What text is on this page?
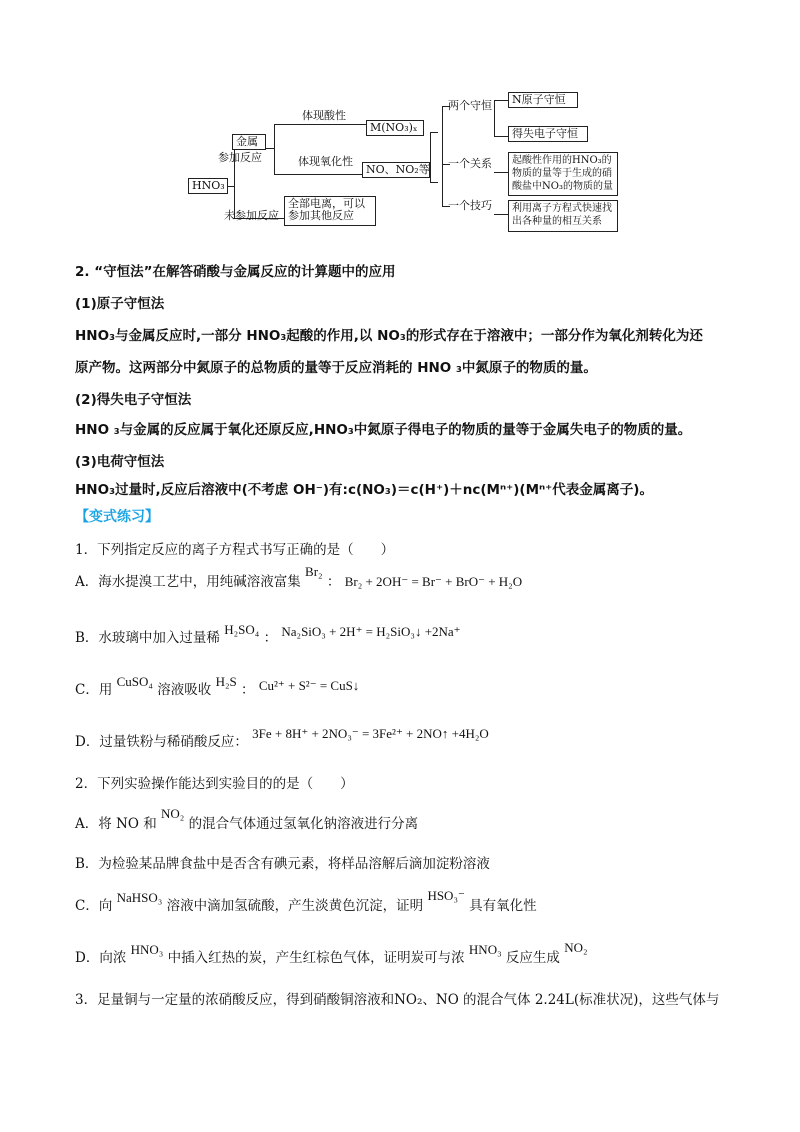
HNO₃
金属
参加反应
未参加反应
体现酸性
体现氧化性
M(NO₃)ₓ
NO、NO₂等
全部电离，可以参加其他反应
两个守恒	N原子守恒
得失电子守恒
一个关系	起酸性作用的HNO₃的物质的量等于生成的硝酸盐中NO₃的物质的量
一个技巧	利用离子方程式快速找出各种量的相互关系
2. “守恒法”在解答硝酸与金属反应的计算题中的应用
(1)原子守恒法
HNO₃与金属反应时,一部分 HNO₃起酸的作用,以 NO₃的形式存在于溶液中；一部分作为氧化剂转化为还
原产物。这两部分中氮原子的总物质的量等于反应消耗的 HNO ₃中氮原子的物质的量。
(2)得失电子守恒法
HNO ₃与金属的反应属于氧化还原反应,HNO₃中氮原子得电子的物质的量等于金属失电子的物质的量。
(3)电荷守恒法
HNO₃过量时,反应后溶液中(不考虑 OH⁻)有:c(NO₃)＝c(H⁺)＋nc(Mⁿ⁺)(Mⁿ⁺代表金属离子)。
【变式练习】
1．下列指定反应的离子方程式书写正确的是（　　）
A．海水提溴工艺中，用纯碱溶液富集 Br₂ ： Br₂ + 2OH⁻ = Br⁻ + BrO⁻ + H₂O
B．水玻璃中加入过量稀 H₂SO₄ ： Na₂SiO₃ + 2H⁺ = H₂SiO₃↓ +2Na⁺
C．用 CuSO₄ 溶液吸收 H₂S ： Cu²⁺ + S²⁻ = CuS↓
D．过量铁粉与稀硝酸反应： 3Fe + 8H⁺ + 2NO₃⁻ = 3Fe²⁺ + 2NO↑ +4H₂O
2．下列实验操作能达到实验目的的是（　　）
A．将 NO 和 NO₂ 的混合气体通过氢氧化钠溶液进行分离
B．为检验某品牌食盐中是否含有碘元素，将样品溶解后滴加淀粉溶液
C．向 NaHSO₃ 溶液中滴加氢硫酸，产生淡黄色沉淀，证明 HSO₃⁻ 具有氧化性
D．向浓 HNO₃ 中插入红热的炭，产生红棕色气体，证明炭可与浓 HNO₃ 反应生成 NO₂
3．足量铜与一定量的浓硝酸反应，得到硝酸铜溶液和NO₂、NO 的混合气体 2.24L(标准状况)，这些气体与
